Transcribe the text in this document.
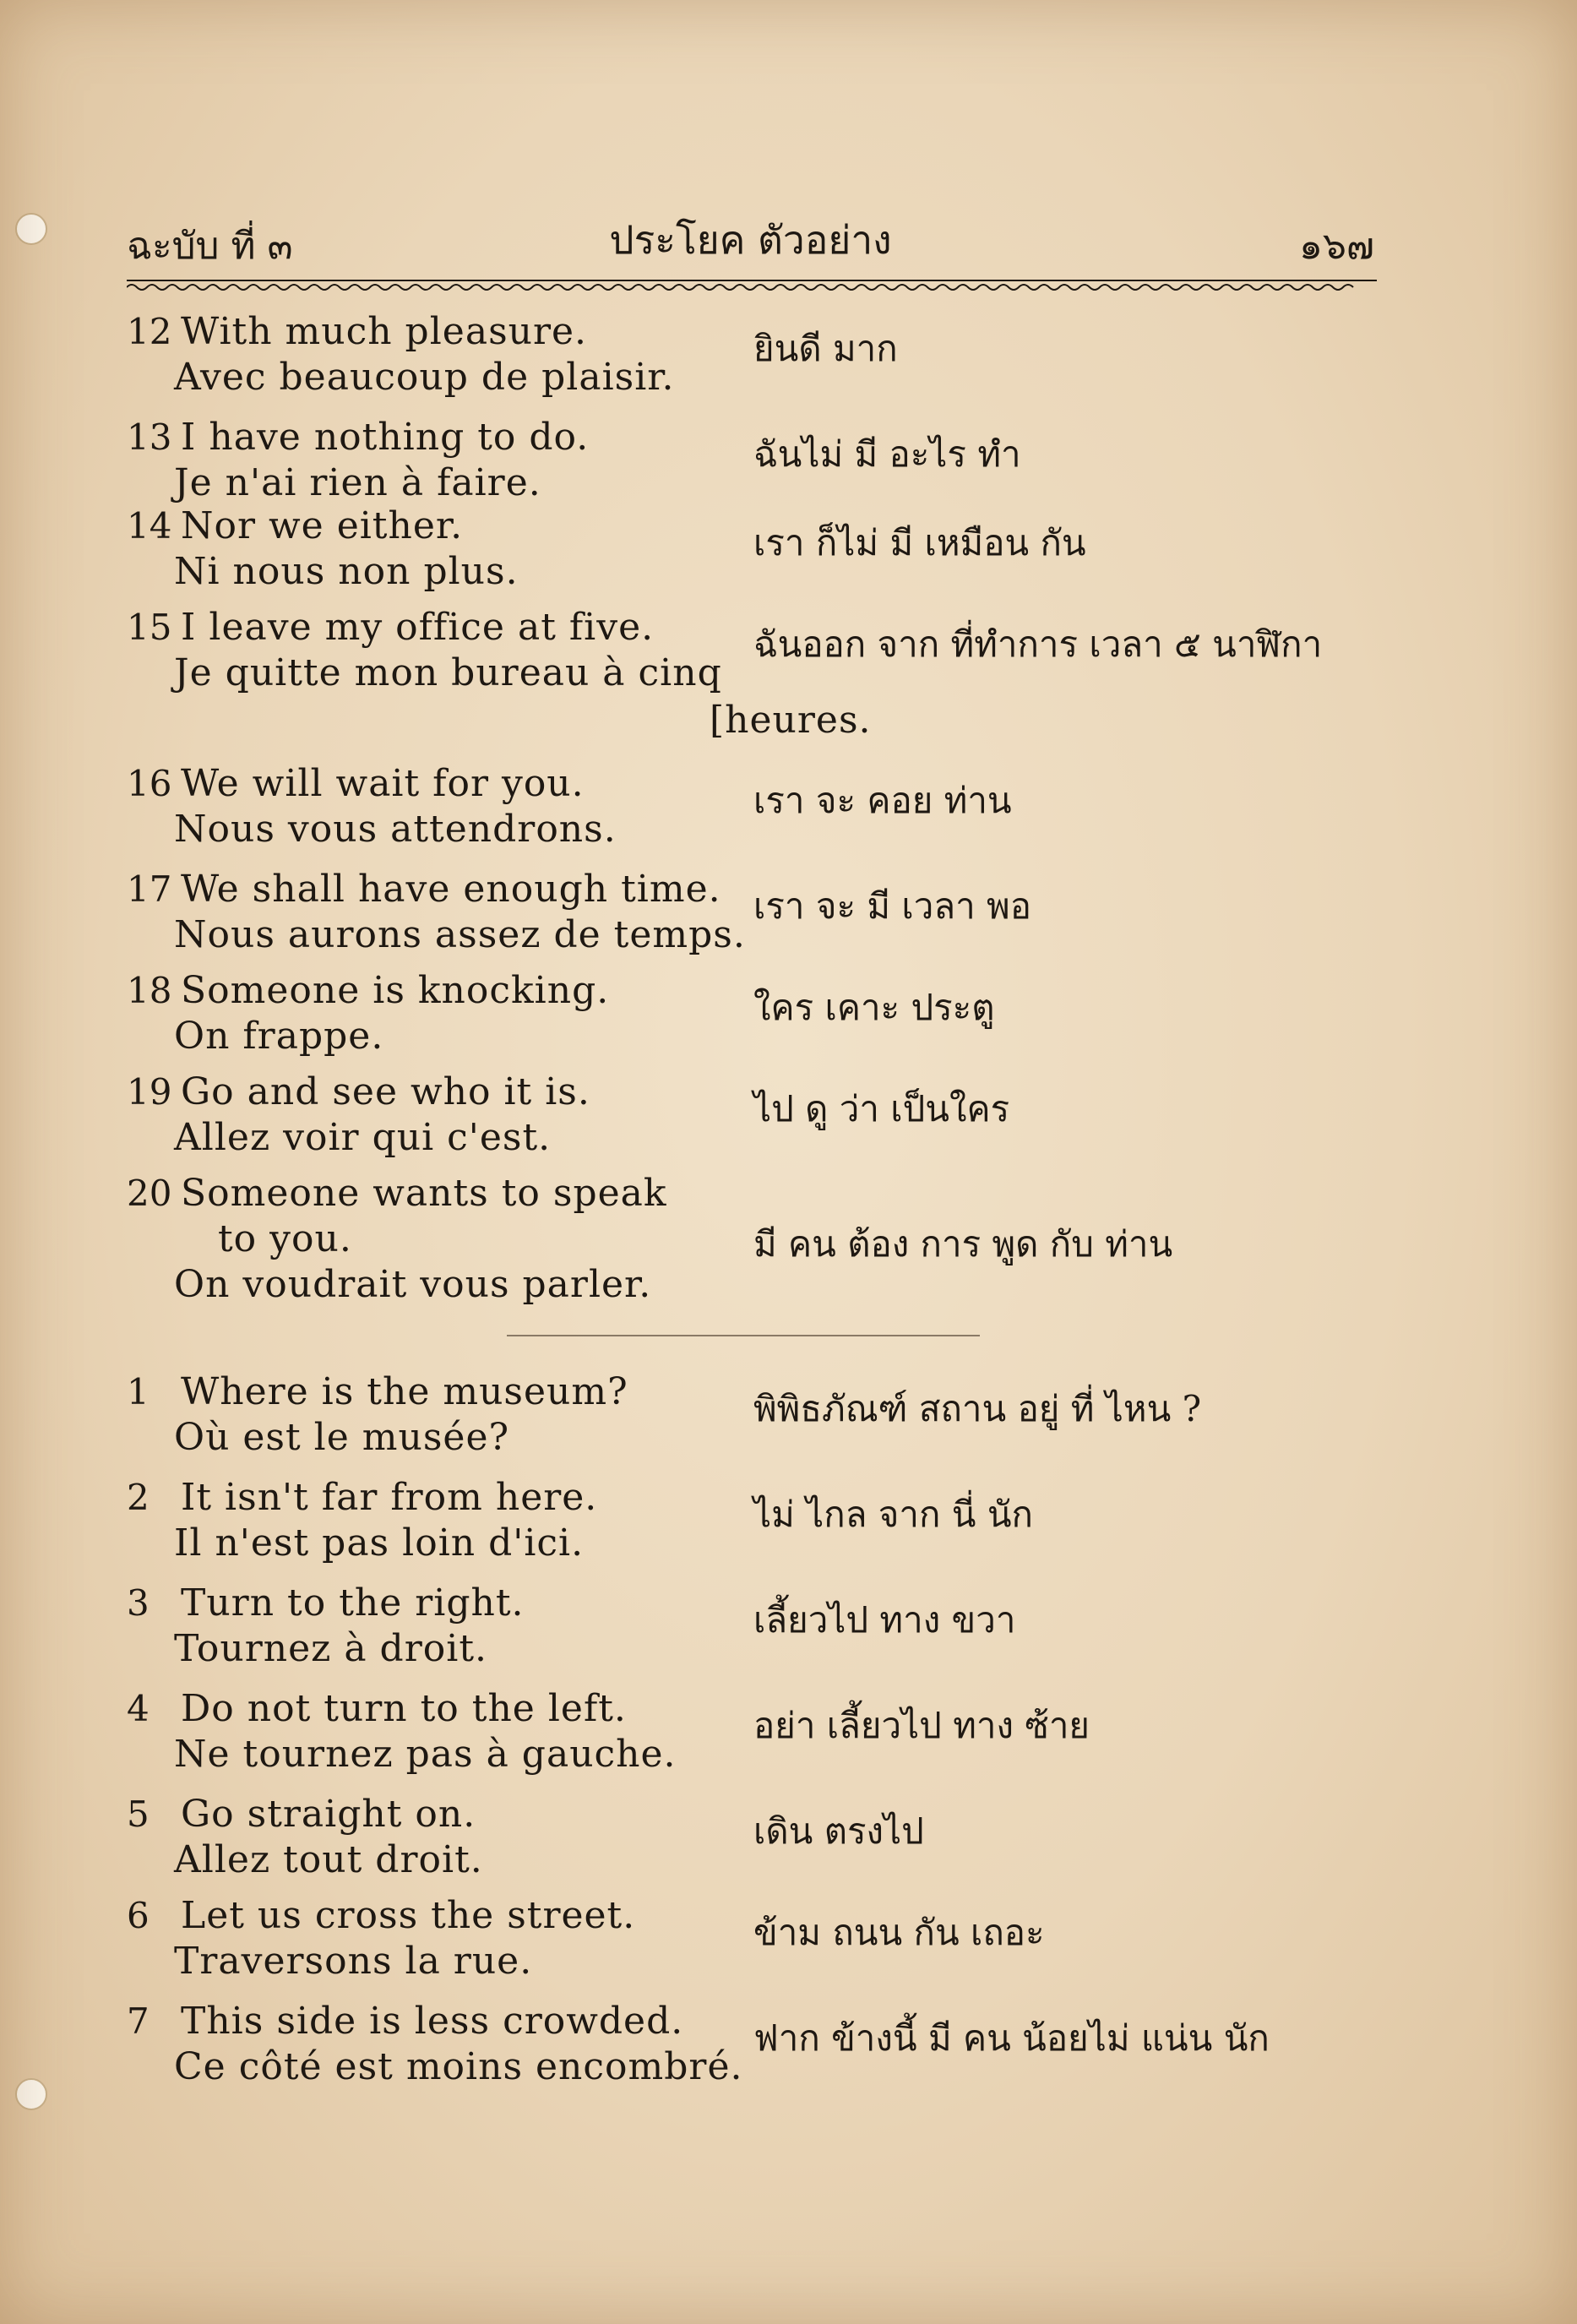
ฉะบับ ที่ ๓	ประโยค ตัวอย่าง	๑๖๗
12 With much pleasure.
Avec beaucoup de plaisir.
ยินดี มาก
13 I have nothing to do.
Je n'ai rien à faire.
ฉันไม่ มี อะไร ทำ
14 Nor we either.
Ni nous non plus.
เรา ก็ไม่ มี เหมือน กัน
15 I leave my office at five.
Je quitte mon bureau à cinq
ฉันออก จาก ที่ทำการ เวลา ๕ นาฬิกา
[heures.
16 We will wait for you.
Nous vous attendrons.
เรา จะ คอย ท่าน
17 We shall have enough time.
Nous aurons assez de temps.
เรา จะ มี เวลา พอ
18 Someone is knocking.
On frappe.
ใคร เคาะ ประตู
19 Go and see who it is.
Allez voir qui c'est.
ไป ดู ว่า เป็นใคร
20 Someone wants to speak
to you.
On voudrait vous parler.
มี คน ต้อง การ พูด กับ ท่าน
1 Where is the museum?
Où est le musée?
พิพิธภัณฑ์ สถาน อยู่ ที่ ไหน ?
2 It isn't far from here.
Il n'est pas loin d'ici.
ไม่ ไกล จาก นี่ นัก
3 Turn to the right.
Tournez à droit.
เลี้ยวไป ทาง ขวา
4 Do not turn to the left.
Ne tournez pas à gauche.
อย่า เลี้ยวไป ทาง ซ้าย
5 Go straight on.
Allez tout droit.
เดิน ตรงไป
6 Let us cross the street.
Traversons la rue.
ข้าม ถนน กัน เถอะ
7 This side is less crowded.
Ce côté est moins encombré.
ฟาก ข้างนี้ มี คน น้อยไม่ แน่น นัก
